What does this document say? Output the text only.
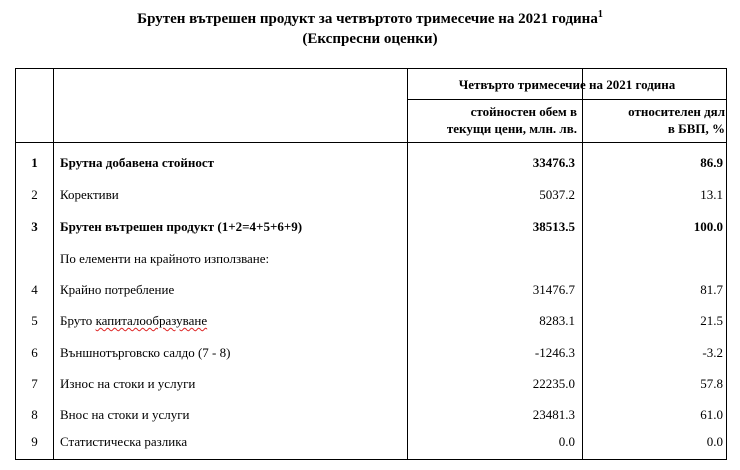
Брутен вътрешен продукт за четвъртото тримесечие на 2021 година$^1$
(Експресни оценки)
Четвърто тримесечие на 2021 година
стойностен обем в
текущи цени, млн. лв.
относителен дял
в БВП, %
1	Брутна добавена стойност	33476.3	86.9
2	Корективи	5037.2	13.1
3	Брутен вътрешен продукт (1+2=4+5+6+9)	38513.5	100.0
По елементи на крайното използване:
4	Крайно потребление	31476.7	81.7
5	Бруто капиталообразуване	8283.1	21.5
6	Външнотърговско салдо (7 - 8)	-1246.3	-3.2
7	Износ на стоки и услуги	22235.0	57.8
8	Внос на стоки и услуги	23481.3	61.0
9	Статистическа разлика	0.0	0.0
